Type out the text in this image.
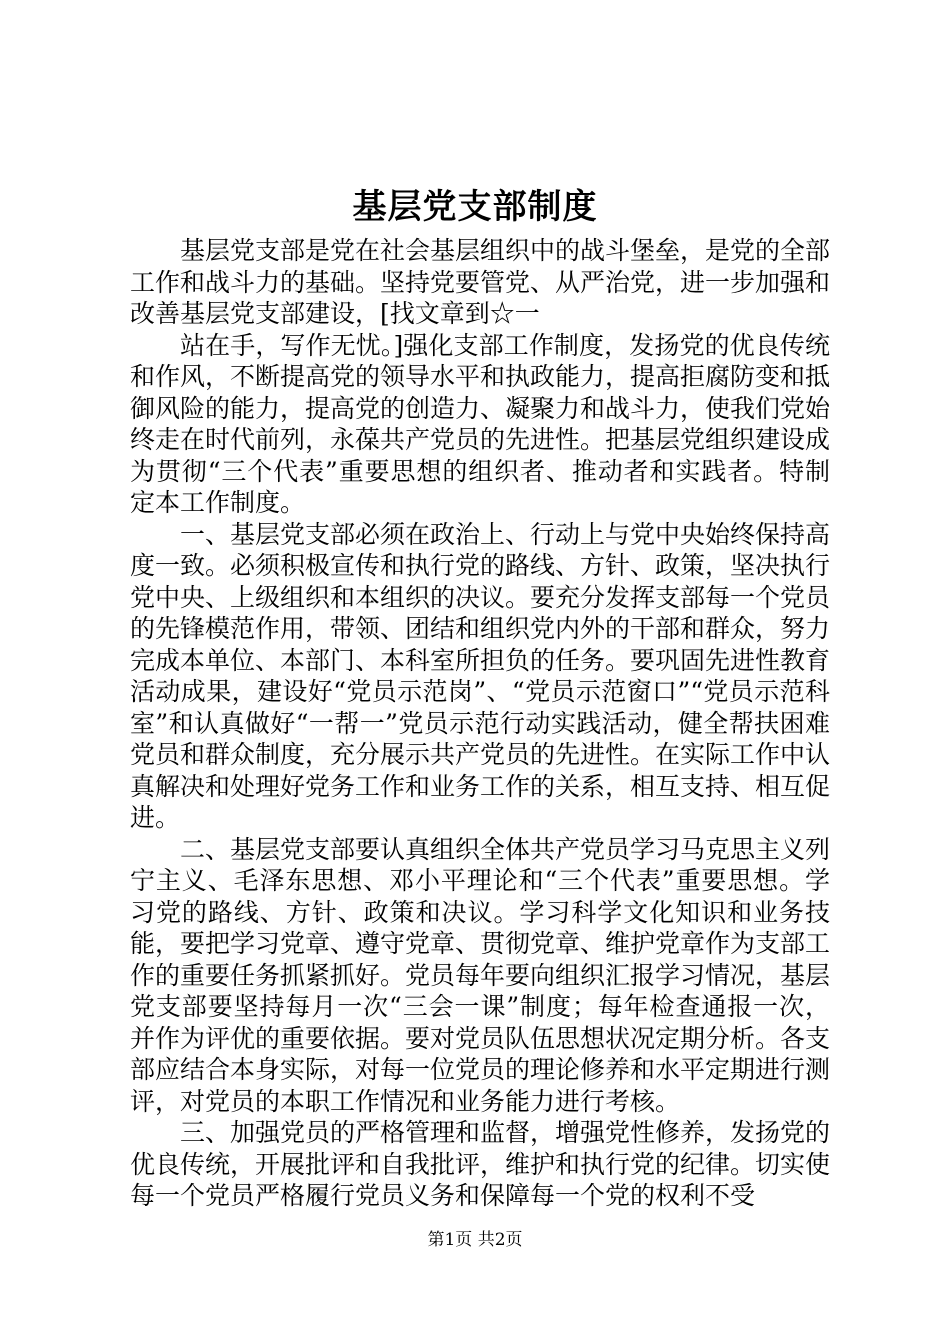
基层党支部制度

基层党支部是党在社会基层组织中的战斗堡垒，是党的全部工作和战斗力的基础。坚持党要管党、从严治党，进一步加强和改善基层党支部建设，[找文章到☆一

站在手，写作无忧。]强化支部工作制度，发扬党的优良传统和作风，不断提高党的领导水平和执政能力，提高拒腐防变和抵御风险的能力，提高党的创造力、凝聚力和战斗力，使我们党始终走在时代前列，永葆共产党员的先进性。把基层党组织建设成为贯彻“三个代表”重要思想的组织者、推动者和实践者。特制定本工作制度。

一、基层党支部必须在政治上、行动上与党中央始终保持高度一致。必须积极宣传和执行党的路线、方针、政策，坚决执行党中央、上级组织和本组织的决议。要充分发挥支部每一个党员的先锋模范作用，带领、团结和组织党内外的干部和群众，努力完成本单位、本部门、本科室所担负的任务。要巩固先进性教育活动成果，建设好“党员示范岗”、“党员示范窗口”“党员示范科室”和认真做好“一帮一”党员示范行动实践活动，健全帮扶困难党员和群众制度，充分展示共产党员的先进性。在实际工作中认真解决和处理好党务工作和业务工作的关系，相互支持、相互促进。

二、基层党支部要认真组织全体共产党员学习马克思主义列宁主义、毛泽东思想、邓小平理论和“三个代表”重要思想。学习党的路线、方针、政策和决议。学习科学文化知识和业务技能，要把学习党章、遵守党章、贯彻党章、维护党章作为支部工作的重要任务抓紧抓好。党员每年要向组织汇报学习情况，基层党支部要坚持每月一次“三会一课”制度；每年检查通报一次，并作为评优的重要依据。要对党员队伍思想状况定期分析。各支部应结合本身实际，对每一位党员的理论修养和水平定期进行测评，对党员的本职工作情况和业务能力进行考核。

三、加强党员的严格管理和监督，增强党性修养，发扬党的优良传统，开展批评和自我批评，维护和执行党的纪律。切实使每一个党员严格履行党员义务和保障每一个党的权利不受

第1页 共2页
